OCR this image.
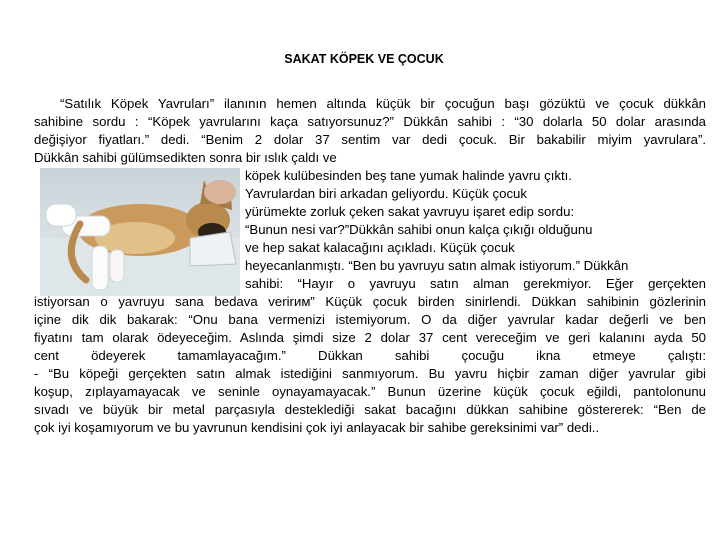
SAKAT KÖPEK VE ÇOCUK
“Satılık Köpek Yavruları” ilanının hemen altında küçük bir çocuğun başı gözüktü ve çocuk dükkân
sahibine sordu : “Köpek yavrularını kaça satıyorsunuz?” Dükkân sahibi : “30 dolarla 50 dolar arasında
değişiyor fiyatları.” dedi. “Benim 2 dolar 37 sentim var dedi çocuk. Bir bakabilir miyim yavrulara”.
Dükkân sahibi gülümsedikten sonra bir ıslık çaldı ve
köpek kulübesinden beş tane yumak halinde yavru çıktı.
Yavrulardan biri arkadan geliyordu. Küçük çocuk
yürümekte zorluk çeken sakat yavruyu işaret edip sordu:
“Bunun nesi var?”Dükkân sahibi onun kalça çıkığı olduğunu
ve hep sakat kalacağını açıkladı. Küçük çocuk
heyecanlanmıştı. “Ben bu yavruyu satın almak istiyorum.” Dükkân
sahibi: “Hayır o yavruyu satın alman gerekmiyor. Eğer gerçekten
istiyorsan o yavruyu sana bedava verirим” Küçük çocuk birden sinirlendi. Dükkan sahibinin gözlerinin
içine dik dik bakarak: “Onu bana vermenizi istemiyorum. O da diğer yavrular kadar değerli ve ben
fiyatını tam olarak ödeyeceğim. Aslında şimdi size 2 dolar 37 cent vereceğim ve geri kalanını ayda 50
cent ödeyerek tamamlayacağım.” Dükkan sahibi çocuğu ikna etmeye çalıştı:
- “Bu köpeği gerçekten satın almak istediğini sanmıyorum. Bu yavru hiçbir zaman diğer yavrular gibi
koşup, zıplayamayacak ve seninle oynayamayacak.” Bunun üzerine küçük çocuk eğildi, pantolonunu
sıvadı ve büyük bir metal parçasıyla desteklediği sakat bacağını dükkan sahibine göstererek: “Ben de
çok iyi koşamıyorum ve bu yavrunun kendisini çok iyi anlayacak bir sahibe gereksinimi var” dedi..
